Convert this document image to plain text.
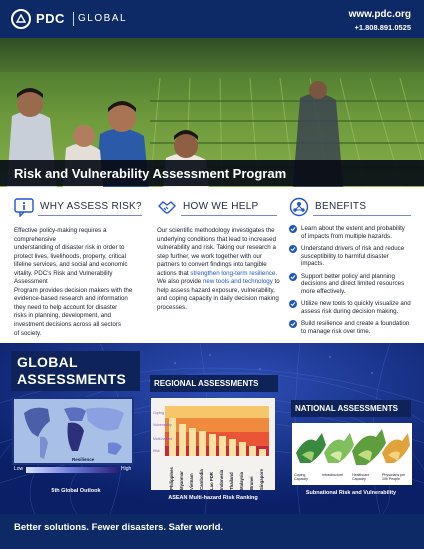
PDC GLOBAL	www.pdc.org
+1.808.891.0525
Risk and Vulnerability Assessment Program
WHY ASSESS RISK?
Effective policy-making requires a comprehensive
understanding of disaster risk in order to
protect lives, livelihoods, property, critical
lifeline services, and social and economic
vitality. PDC's Risk and Vulnerability Assessment
Program provides decision makers with the
evidence-based research and information
they need to help account for disaster
risks in planning, development, and
investment decisions across all sectors
of society.
HOW WE HELP
Our scientific methodology investigates the underlying conditions that lead to increased vulnerability and risk. Taking our research a step further, we work together with our partners to convert findings into tangible actions that strengthen long-term resilience. We also provide new tools and technology to help assess hazard exposure, vulnerability, and coping capacity in daily decision making processes.
BENEFITS
Learn about the extent and probability of impacts from multiple hazards.
Understand drivers of risk and reduce susceptibility to harmful disaster impacts.
Support better policy and planning decisions and direct limited resources more effectively.
Utilize new tools to quickly visualize and assess risk during decision making.
Build resilience and create a foundation to manage risk over time.
GLOBAL
ASSESSMENTS
Resilience
Low	High
5th Global Outlook
REGIONAL ASSESSMENTS
Coping
Vulnerability
Multi-hazard
Risk
Philippines	Myanmar	Vietnam	Cambodia	Lao PDR	Indonesia	Thailand	Malaysia	Brunei	Singapore
ASEAN Multi-hazard Risk Ranking
NATIONAL ASSESSMENTS
Coping Capacity
Infrastructure	Healthcare Capacity
Physicians per 10k People
Subnational Risk and Vulnerability
Better solutions. Fewer disasters. Safer world.
